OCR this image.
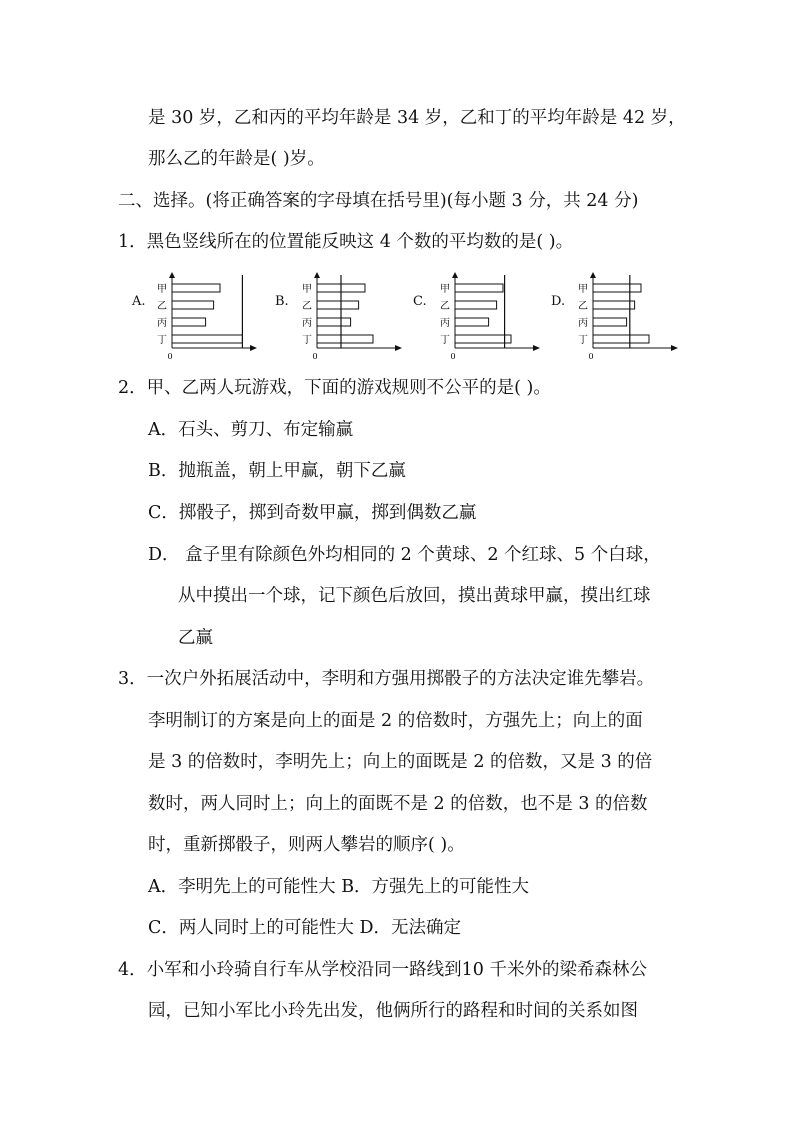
是 30 岁，乙和丙的平均年龄是 34 岁，乙和丁的平均年龄是 42 岁，
那么乙的年龄是( )岁。
二、选择。(将正确答案的字母填在括号里)(每小题 3 分，共 24 分)
1．黑色竖线所在的位置能反映这 4 个数的平均数的是( )。
A.
0
甲
乙
丙
丁
B.
0
甲
乙
丙
丁
C.
0
甲
乙
丙
丁
D.
0
甲
乙
丙
丁
2．甲、乙两人玩游戏，下面的游戏规则不公平的是( )。
A．石头、剪刀、布定输赢
B．抛瓶盖，朝上甲赢，朝下乙赢
C．掷骰子，掷到奇数甲赢，掷到偶数乙赢
D． 盒子里有除颜色外均相同的 2 个黄球、2 个红球、5 个白球，
从中摸出一个球，记下颜色后放回，摸出黄球甲赢，摸出红球
乙赢
3．一次户外拓展活动中，李明和方强用掷骰子的方法决定谁先攀岩。
李明制订的方案是向上的面是 2 的倍数时，方强先上；向上的面
是 3 的倍数时，李明先上；向上的面既是 2 的倍数，又是 3 的倍
数时，两人同时上；向上的面既不是 2 的倍数，也不是 3 的倍数
时，重新掷骰子，则两人攀岩的顺序( )。
A．李明先上的可能性大 B．方强先上的可能性大
C．两人同时上的可能性大 D．无法确定
4．小军和小玲骑自行车从学校沿同一路线到10 千米外的梁希森林公
园，已知小军比小玲先出发，他俩所行的路程和时间的关系如图
